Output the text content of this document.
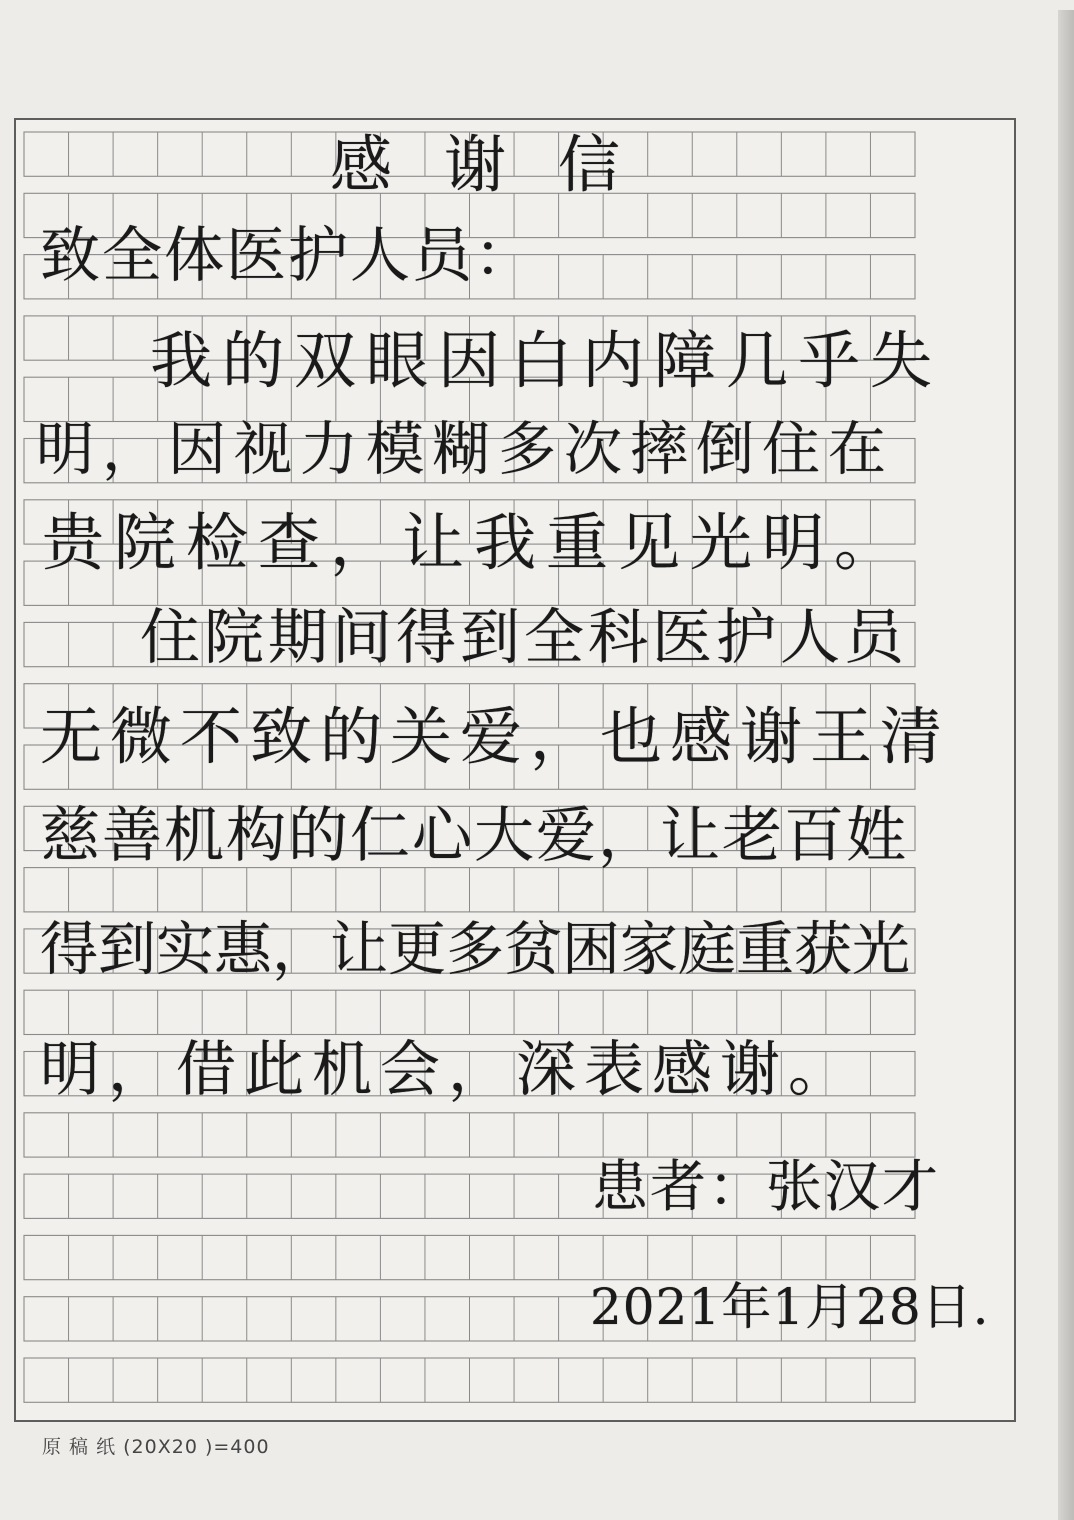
感谢信
致全体医护人员：
我的双眼因白内障几乎失
明，因视力模糊多次摔倒住在
贵院检查，让我重见光明。
住院期间得到全科医护人员
无微不致的关爱，也感谢王清
慈善机构的仁心大爱，让老百姓
得到实惠，让更多贫困家庭重获光
明，借此机会，深表感谢。
患者：张汉才
2021年1月28日.
原 稿 纸 (20X20 )=400
